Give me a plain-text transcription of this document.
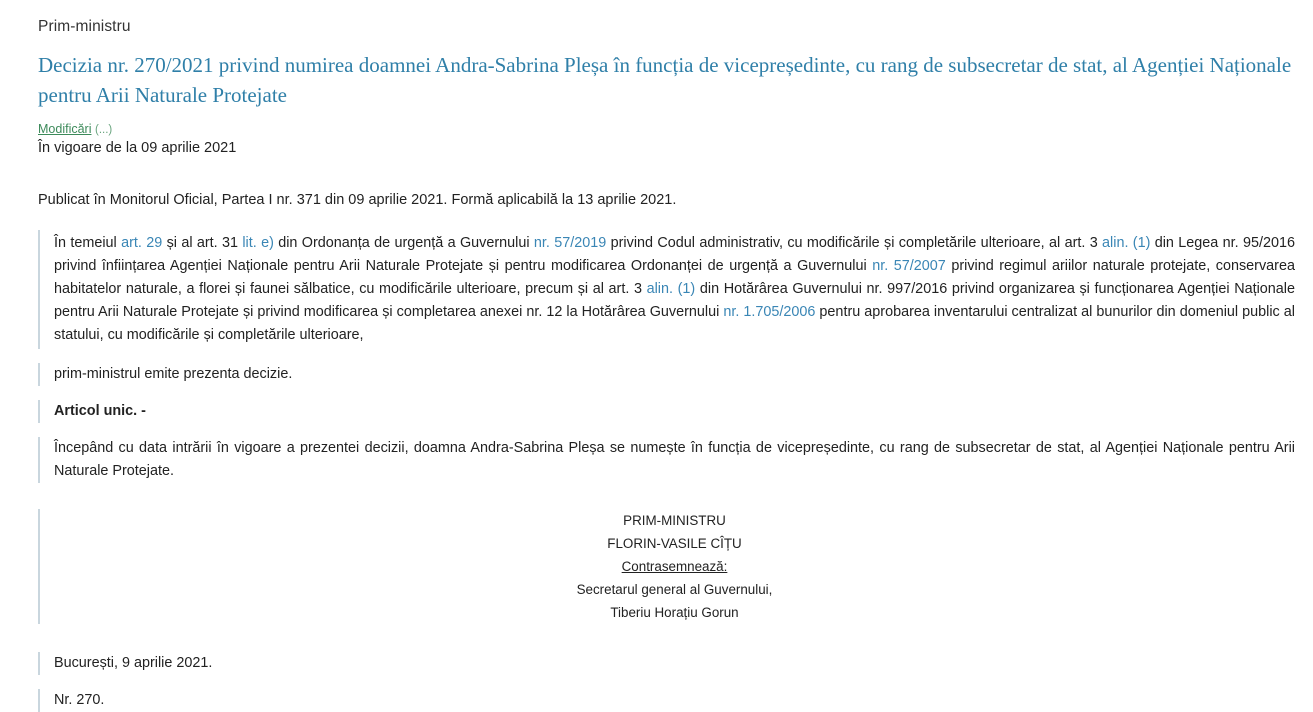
Prim-ministru
Decizia nr. 270/2021 privind numirea doamnei Andra-Sabrina Pleșa în funcția de vicepreședinte, cu rang de subsecretar de stat, al Agenției Naționale pentru Arii Naturale Protejate
Modificări (...)
În vigoare de la 09 aprilie 2021
Publicat în Monitorul Oficial, Partea I nr. 371 din 09 aprilie 2021. Formă aplicabilă la 13 aprilie 2021.

În temeiul art. 29 și al art. 31 lit. e) din Ordonanța de urgență a Guvernului nr. 57/2019 privind Codul administrativ, cu modificările și completările ulterioare, al art. 3 alin. (1) din Legea nr. 95/2016 privind înființarea Agenției Naționale pentru Arii Naturale Protejate și pentru modificarea Ordonanței de urgență a Guvernului nr. 57/2007 privind regimul ariilor naturale protejate, conservarea habitatelor naturale, a florei și faunei sălbatice, cu modificările ulterioare, precum și al art. 3 alin. (1) din Hotărârea Guvernului nr. 997/2016 privind organizarea și funcționarea Agenției Naționale pentru Arii Naturale Protejate și privind modificarea și completarea anexei nr. 12 la Hotărârea Guvernului nr. 1.705/2006 pentru aprobarea inventarului centralizat al bunurilor din domeniul public al statului, cu modificările și completările ulterioare,

prim-ministrul emite prezenta decizie.

Articol unic. -

Începând cu data intrării în vigoare a prezentei decizii, doamna Andra-Sabrina Pleșa se numește în funcția de vicepreședinte, cu rang de subsecretar de stat, al Agenției Naționale pentru Arii Naturale Protejate.

PRIM-MINISTRU
FLORIN-VASILE CÎȚU
Contrasemnează:
Secretarul general al Guvernului,
Tiberiu Horațiu Gorun

București, 9 aprilie 2021.

Nr. 270.
